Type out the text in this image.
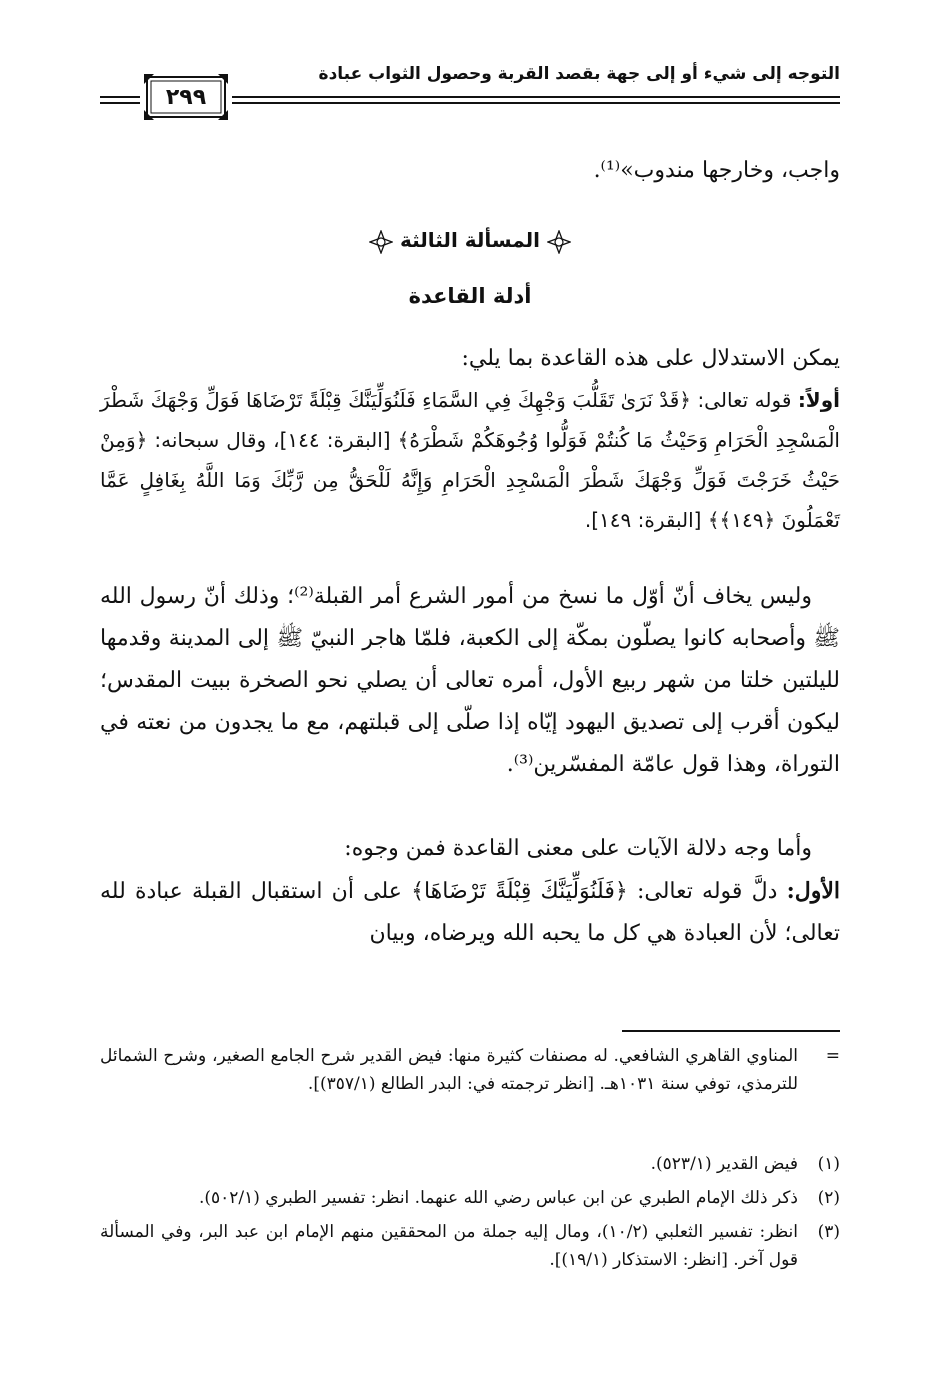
٢٩٩
التوجه إلى شيء أو إلى جهة بقصد القربة وحصول الثواب عبادة
واجب، وخارجها مندوب»⁽¹⁾.
المسألة الثالثة
أدلة القاعدة
يمكن الاستدلال على هذه القاعدة بما يلي:
أولاً: قوله تعالى: ﴿قَدْ نَرَىٰ تَقَلُّبَ وَجْهِكَ فِي السَّمَاءِ فَلَنُوَلِّيَنَّكَ قِبْلَةً تَرْضَاهَا فَوَلِّ وَجْهَكَ شَطْرَ الْمَسْجِدِ الْحَرَامِ وَحَيْثُ مَا كُنتُمْ فَوَلُّوا وُجُوهَكُمْ شَطْرَهُ﴾ [البقرة: ١٤٤]، وقال سبحانه: ﴿وَمِنْ حَيْثُ خَرَجْتَ فَوَلِّ وَجْهَكَ شَطْرَ الْمَسْجِدِ الْحَرَامِ وَإِنَّهُ لَلْحَقُّ مِن رَّبِّكَ وَمَا اللَّهُ بِغَافِلٍ عَمَّا تَعْمَلُونَ ﴿١٤٩﴾﴾ [البقرة: ١٤٩].
وليس يخاف أنّ أوّل ما نسخ من أمور الشرع أمر القبلة⁽²⁾؛ وذلك أنّ رسول الله ﷺ وأصحابه كانوا يصلّون بمكّة إلى الكعبة، فلمّا هاجر النبيّ ﷺ إلى المدينة وقدمها لليلتين خلتا من شهر ربيع الأول، أمره تعالى أن يصلي نحو الصخرة ببيت المقدس؛ ليكون أقرب إلى تصديق اليهود إيّاه إذا صلّى إلى قبلتهم، مع ما يجدون من نعته في التوراة، وهذا قول عامّة المفسّرين⁽³⁾.
وأما وجه دلالة الآيات على معنى القاعدة فمن وجوه:
الأول: دلَّ قوله تعالى: ﴿فَلَنُوَلِّيَنَّكَ قِبْلَةً تَرْضَاهَا﴾ على أن استقبال القبلة عبادة لله تعالى؛ لأن العبادة هي كل ما يحبه الله ويرضاه، وبيان
=
المناوي القاهري الشافعي. له مصنفات كثيرة منها: فيض القدير شرح الجامع الصغير، وشرح الشمائل للترمذي، توفي سنة ١٠٣١هـ. [انظر ترجمته في: البدر الطالع (٣٥٧/١)].
(١)
فيض القدير (٥٢٣/١).
(٢)
ذكر ذلك الإمام الطبري عن ابن عباس رضي الله عنهما. انظر: تفسير الطبري (٥٠٢/١).
(٣)
انظر: تفسير الثعلبي (١٠/٢)، ومال إليه جملة من المحققين منهم الإمام ابن عبد البر، وفي المسألة قول آخر. [انظر: الاستذكار (١٩/١)].
